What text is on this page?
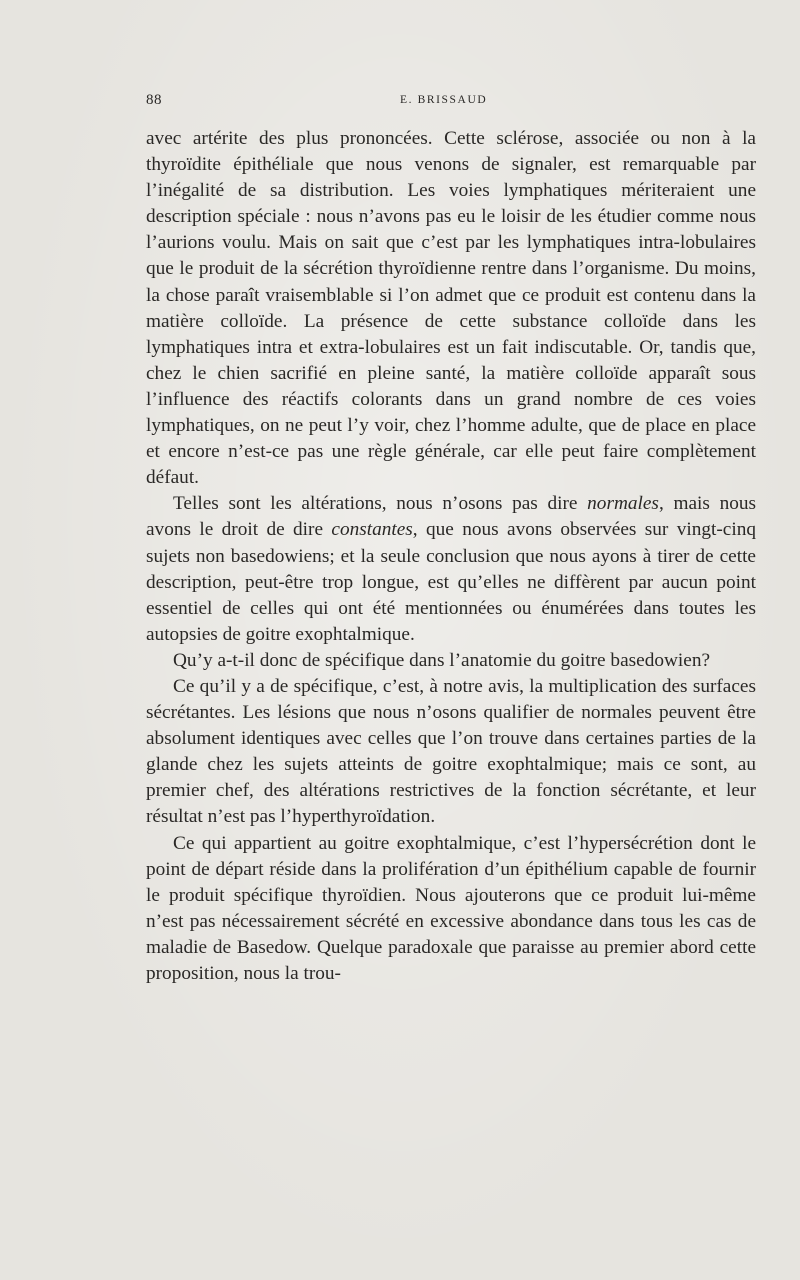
88	E. BRISSAUD

avec artérite des plus prononcées. Cette sclérose, associée ou non à la thyroïdite épithéliale que nous venons de signaler, est remarquable par l’inégalité de sa distribution. Les voies lymphatiques mériteraient une description spéciale : nous n’avons pas eu le loisir de les étudier comme nous l’aurions voulu. Mais on sait que c’est par les lymphatiques intra-lobulaires que le produit de la sécrétion thyroïdienne rentre dans l’organisme. Du moins, la chose paraît vraisemblable si l’on admet que ce produit est contenu dans la matière colloïde. La présence de cette substance colloïde dans les lymphatiques intra et extra-lobulaires est un fait indiscutable. Or, tandis que, chez le chien sacrifié en pleine santé, la matière colloïde apparaît sous l’influence des réactifs colorants dans un grand nombre de ces voies lymphatiques, on ne peut l’y voir, chez l’homme adulte, que de place en place et encore n’est-ce pas une règle générale, car elle peut faire complètement défaut.

Telles sont les altérations, nous n’osons pas dire normales, mais nous avons le droit de dire constantes, que nous avons observées sur vingt-cinq sujets non basedowiens; et la seule conclusion que nous ayons à tirer de cette description, peut-être trop longue, est qu’elles ne diffèrent par aucun point essentiel de celles qui ont été mentionnées ou énumérées dans toutes les autopsies de goitre exophtalmique.

Qu’y a-t-il donc de spécifique dans l’anatomie du goitre basedowien?

Ce qu’il y a de spécifique, c’est, à notre avis, la multiplication des surfaces sécrétantes. Les lésions que nous n’osons qualifier de normales peuvent être absolument identiques avec celles que l’on trouve dans certaines parties de la glande chez les sujets atteints de goitre exophtalmique; mais ce sont, au premier chef, des altérations restrictives de la fonction sécrétante, et leur résultat n’est pas l’hyperthyroïdation.

Ce qui appartient au goitre exophtalmique, c’est l’hypersécrétion dont le point de départ réside dans la prolifération d’un épithélium capable de fournir le produit spécifique thyroïdien. Nous ajouterons que ce produit lui-même n’est pas nécessairement sécrété en excessive abondance dans tous les cas de maladie de Basedow. Quelque paradoxale que paraisse au premier abord cette proposition, nous la trou-
